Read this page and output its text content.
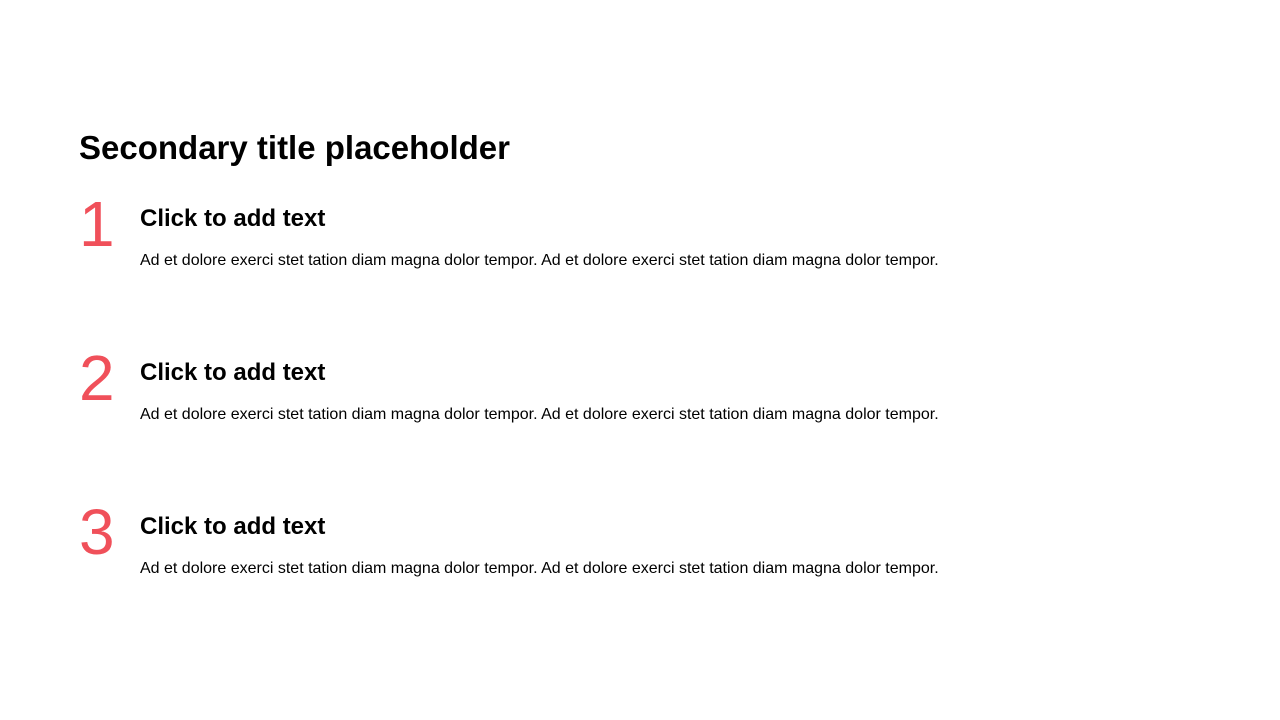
Secondary title placeholder
1 Click to add text

Ad et dolore exerci stet tation diam magna dolor tempor. Ad et dolore exerci stet tation diam magna dolor tempor.

2 Click to add text

Ad et dolore exerci stet tation diam magna dolor tempor. Ad et dolore exerci stet tation diam magna dolor tempor.

3 Click to add text

Ad et dolore exerci stet tation diam magna dolor tempor. Ad et dolore exerci stet tation diam magna dolor tempor.
